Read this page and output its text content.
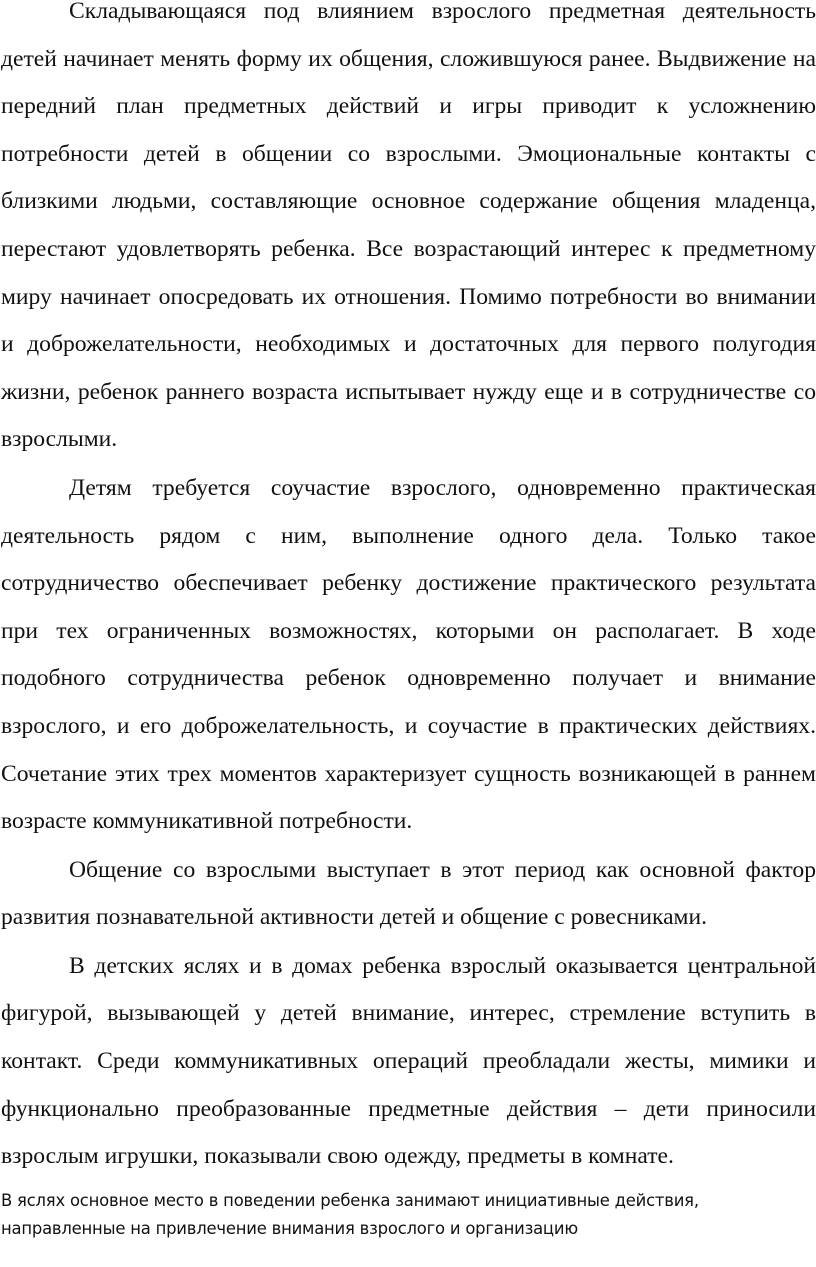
Складывающаяся под влиянием взрослого предметная деятельность детей начинает менять форму их общения, сложившуюся ранее. Выдвижение на передний план предметных действий и игры приводит к усложнению потребности детей в общении со взрослыми. Эмоциональные контакты с близкими людьми, составляющие основное содержание общения младенца, перестают удовлетворять ребенка. Все возрастающий интерес к предметному миру начинает опосредовать их отношения. Помимо потребности во внимании и доброжелательности, необходимых и достаточных для первого полугодия жизни, ребенок раннего возраста испытывает нужду еще и в сотрудничестве со взрослыми.

Детям требуется соучастие взрослого, одновременно практическая деятельность рядом с ним, выполнение одного дела. Только такое сотрудничество обеспечивает ребенку достижение практического результата при тех ограниченных возможностях, которыми он располагает. В ходе подобного сотрудничества ребенок одновременно получает и внимание взрослого, и его доброжелательность, и соучастие в практических действиях. Сочетание этих трех моментов характеризует сущность возникающей в раннем возрасте коммуникативной потребности.

Общение со взрослыми выступает в этот период как основной фактор развития познавательной активности детей и общение с ровесниками.

В детских яслях и в домах ребенка взрослый оказывается центральной фигурой, вызывающей у детей внимание, интерес, стремление вступить в контакт. Среди коммуникативных операций преобладали жесты, мимики и функционально преобразованные предметные действия – дети приносили взрослым игрушки, показывали свою одежду, предметы в комнате.

В яслях основное место в поведении ребенка занимают инициативные действия, направленные на привлечение внимания взрослого и организацию
